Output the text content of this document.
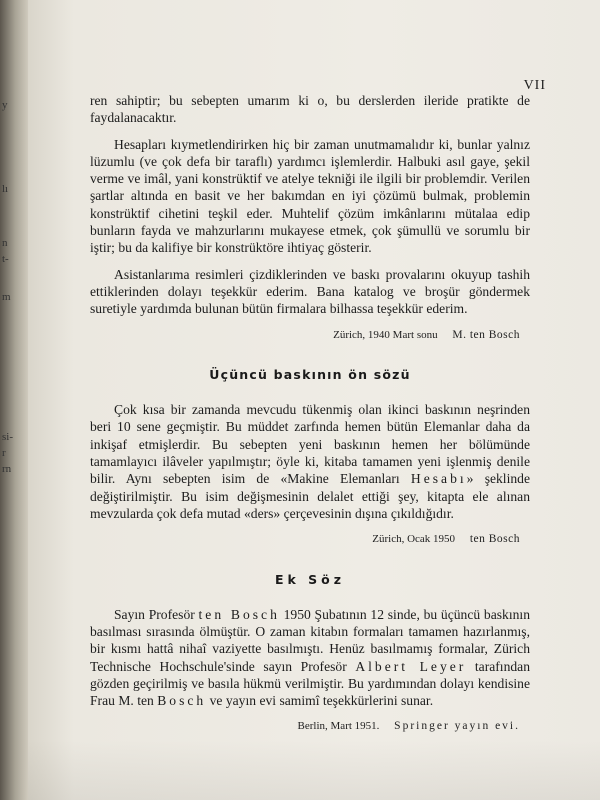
y
lı
n
t-
m
si-
r
rn
VII

ren sahiptir; bu sebepten umarım ki o, bu derslerden ileride pratikte de faydalanacaktır.

Hesapları kıymetlendirirken hiç bir zaman unutmamalıdır ki, bunlar yalnız lüzumlu (ve çok defa bir taraflı) yardımcı işlemlerdir. Halbuki asıl gaye, şekil verme ve imâl, yani konstrüktif ve atelye tekniği ile ilgili bir problemdir. Verilen şartlar altında en basit ve her bakımdan en iyi çözümü bulmak, problemin konstrüktif cihetini teşkil eder. Muhtelif çözüm imkânlarını mütalaa edip bunların fayda ve mahzurlarını mukayese etmek, çok şümullü ve sorumlu bir iştir; bu da kalifiye bir konstrüktöre ihtiyaç gösterir.

Asistanlarıma resimleri çizdiklerinden ve baskı provalarını okuyup tashih ettiklerinden dolayı teşekkür ederim. Bana katalog ve broşür göndermek suretiyle yardımda bulunan bütün firmalara bilhassa teşekkür ederim.

Zürich, 1940 Mart sonu M. ten Bosch
Üçüncü baskının ön sözü

Çok kısa bir zamanda mevcudu tükenmiş olan ikinci baskının neşrinden beri 10 sene geçmiştir. Bu müddet zarfında hemen bütün Elemanlar daha da inkişaf etmişlerdir. Bu sebepten yeni baskının hemen her bölümünde tamamlayıcı ilâveler yapılmıştır; öyle ki, kitaba tamamen yeni işlenmiş denile bilir. Aynı sebepten isim de «Makine Elemanları Hesabı» şeklinde değiştirilmiştir. Bu isim değişmesinin delalet ettiği şey, kitapta ele alınan mevzularda çok defa mutad «ders» çerçevesinin dışına çıkıldığıdır.

Zürich, Ocak 1950 ten Bosch
Ek Söz

Sayın Profesör ten Bosch 1950 Şubatının 12 sinde, bu üçüncü baskının basılması sırasında ölmüştür. O zaman kitabın formaları tamamen hazırlanmış, bir kısmı hattâ nihaî vaziyette basılmıştı. Henüz basılmamış formalar, Zürich Technische Hochschule'sinde sayın Profesör Albert Leyer tarafından gözden geçirilmiş ve basıla hükmü verilmiştir. Bu yardımından dolayı kendisine Frau M. ten Bosch ve yayın evi samimî teşekkürlerini sunar.

Berlin, Mart 1951. Springer yayın evi.
